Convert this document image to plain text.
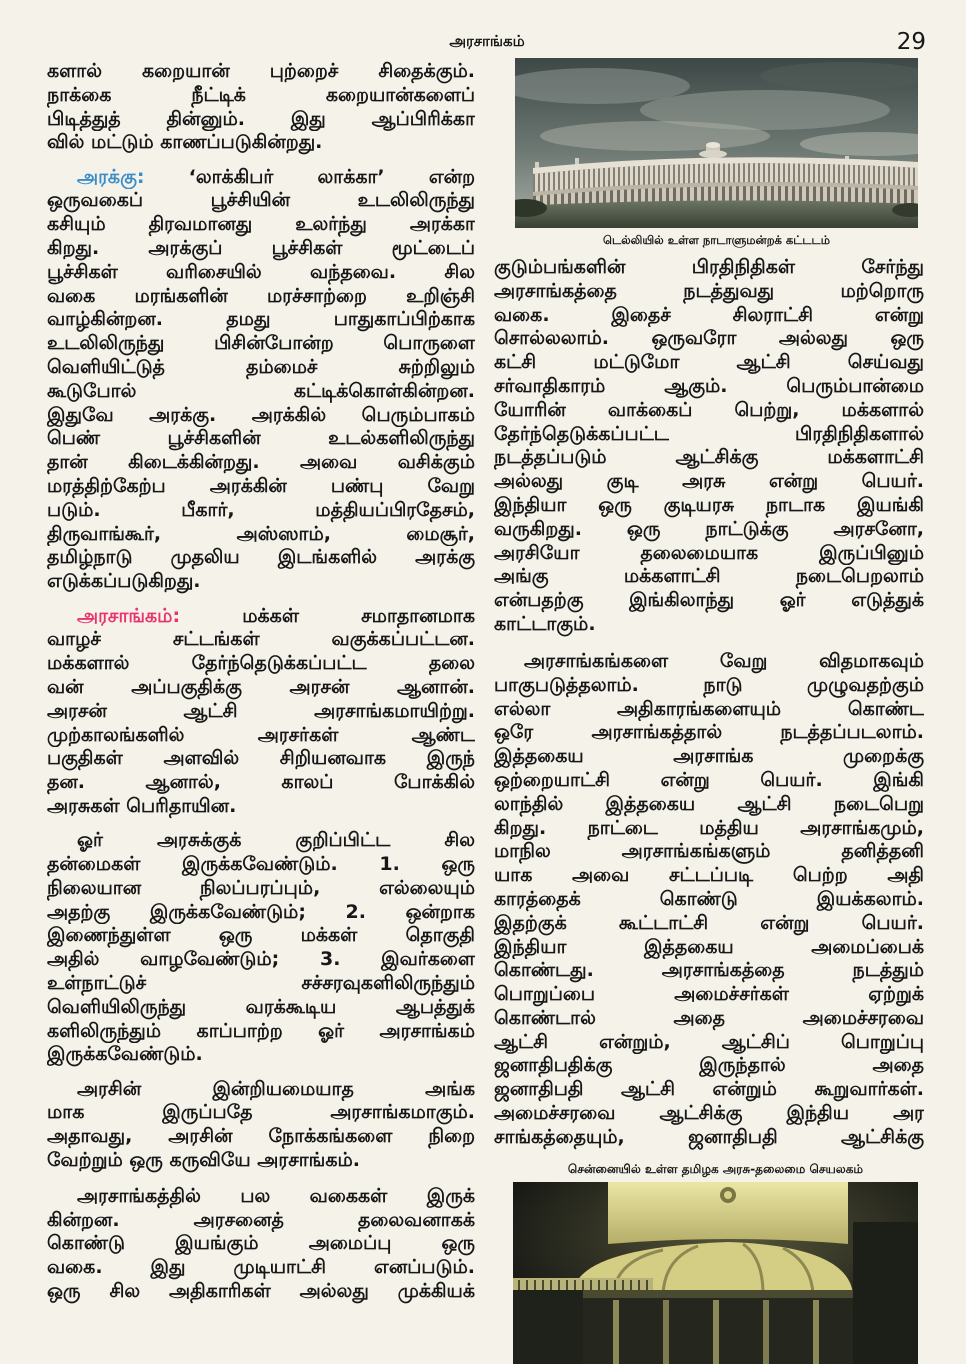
அரசாங்கம்	29
களால் கறையான் புற்றைச் சிதைக்கும்.
நாக்கை நீட்டிக் கறையான்களைப்
பிடித்துத் தின்னும். இது ஆப்பிரிக்கா
வில் மட்டும் காணப்படுகின்றது.
அரக்கு: ‘லாக்கிபர் லாக்கா’ என்ற
ஒருவகைப் பூச்சியின் உடலிலிருந்து
கசியும் திரவமானது உலர்ந்து அரக்கா
கிறது. அரக்குப் பூச்சிகள் மூட்டைப்
பூச்சிகள் வரிசையில் வந்தவை. சில
வகை மரங்களின் மரச்சாற்றை உறிஞ்சி
வாழ்கின்றன. தமது பாதுகாப்பிற்காக
உடலிலிருந்து பிசின்போன்ற பொருளை
வெளியிட்டுத் தம்மைச் சுற்றிலும்
கூடுபோல் கட்டிக்கொள்கின்றன.
இதுவே அரக்கு. அரக்கில் பெரும்பாகம்
பெண் பூச்சிகளின் உடல்களிலிருந்து
தான் கிடைக்கின்றது. அவை வசிக்கும்
மரத்திற்கேற்ப அரக்கின் பண்பு வேறு
படும். பீகார், மத்தியப்பிரதேசம்,
திருவாங்கூர், அஸ்ஸாம், மைசூர்,
தமிழ்நாடு முதலிய இடங்களில் அரக்கு
எடுக்கப்படுகிறது.
அரசாங்கம்:	மக்கள் சமாதானமாக
வாழச் சட்டங்கள் வகுக்கப்பட்டன.
மக்களால் தேர்ந்தெடுக்கப்பட்ட தலை
வன் அப்பகுதிக்கு அரசன் ஆனான்.
அரசன் ஆட்சி அரசாங்கமாயிற்று.
முற்காலங்களில் அரசர்கள் ஆண்ட
பகுதிகள் அளவில் சிறியனவாக இருந்
தன. ஆனால், காலப் போக்கில்
அரசுகள் பெரிதாயின.
ஓர் அரசுக்குக் குறிப்பிட்ட சில
தன்மைகள் இருக்கவேண்டும். 1. ஒரு
நிலையான நிலப்பரப்பும், எல்லையும்
அதற்கு இருக்கவேண்டும்; 2. ஒன்றாக
இணைந்துள்ள ஒரு மக்கள் தொகுதி
அதில் வாழவேண்டும்; 3. இவர்களை
உள்நாட்டுச் சச்சரவுகளிலிருந்தும்
வெளியிலிருந்து வரக்கூடிய ஆபத்துக்
களிலிருந்தும் காப்பாற்ற ஓர் அரசாங்கம்
இருக்கவேண்டும்.
அரசின் இன்றியமையாத அங்க
மாக இருப்பதே அரசாங்கமாகும்.
அதாவது, அரசின் நோக்கங்களை நிறை
வேற்றும் ஒரு கருவியே அரசாங்கம்.
அரசாங்கத்தில் பல வகைகள் இருக்
கின்றன. அரசனைத் தலைவனாகக்
கொண்டு இயங்கும் அமைப்பு ஒரு
வகை. இது முடியாட்சி எனப்படும்.
ஒரு சில அதிகாரிகள் அல்லது முக்கியக்
டெல்லியில் உள்ள நாடாளுமன்றக் கட்டடம்
குடும்பங்களின் பிரதிநிதிகள் சேர்ந்து
அரசாங்கத்தை நடத்துவது மற்றொரு
வகை. இதைச் சிலராட்சி என்று
சொல்லலாம். ஒருவரோ அல்லது ஒரு
கட்சி மட்டுமோ ஆட்சி செய்வது
சர்வாதிகாரம் ஆகும். பெரும்பான்மை
யோரின் வாக்கைப் பெற்று, மக்களால்
தேர்ந்தெடுக்கப்பட்ட பிரதிநிதிகளால்
நடத்தப்படும் ஆட்சிக்கு மக்களாட்சி
அல்லது குடி அரசு என்று பெயர்.
இந்தியா ஒரு குடியரசு நாடாக இயங்கி
வருகிறது. ஒரு நாட்டுக்கு அரசனோ,
அரசியோ தலைமையாக இருப்பினும்
அங்கு மக்களாட்சி நடைபெறலாம்
என்பதற்கு இங்கிலாந்து ஓர் எடுத்துக்
காட்டாகும்.
அரசாங்கங்களை வேறு விதமாகவும்
பாகுபடுத்தலாம். நாடு முழுவதற்கும்
எல்லா அதிகாரங்களையும் கொண்ட
ஒரே அரசாங்கத்தால் நடத்தப்படலாம்.
இத்தகைய அரசாங்க முறைக்கு
ஒற்றையாட்சி என்று பெயர். இங்கி
லாந்தில் இத்தகைய ஆட்சி நடைபெறு
கிறது. நாட்டை மத்திய அரசாங்கமும்,
மாநில அரசாங்கங்களும் தனித்தனி
யாக அவை சட்டப்படி பெற்ற அதி
காரத்தைக் கொண்டு இயக்கலாம்.
இதற்குக் கூட்டாட்சி என்று பெயர்.
இந்தியா இத்தகைய அமைப்பைக்
கொண்டது. அரசாங்கத்தை நடத்தும்
பொறுப்பை அமைச்சர்கள் ஏற்றுக்
கொண்டால் அதை அமைச்சரவை
ஆட்சி என்றும், ஆட்சிப் பொறுப்பு
ஜனாதிபதிக்கு இருந்தால் அதை
ஜனாதிபதி ஆட்சி என்றும் கூறுவார்கள்.
அமைச்சரவை ஆட்சிக்கு இந்திய அர
சாங்கத்தையும், ஜனாதிபதி ஆட்சிக்கு
சென்னையில் உள்ள தமிழக அரசு-தலைமை செயலகம்
